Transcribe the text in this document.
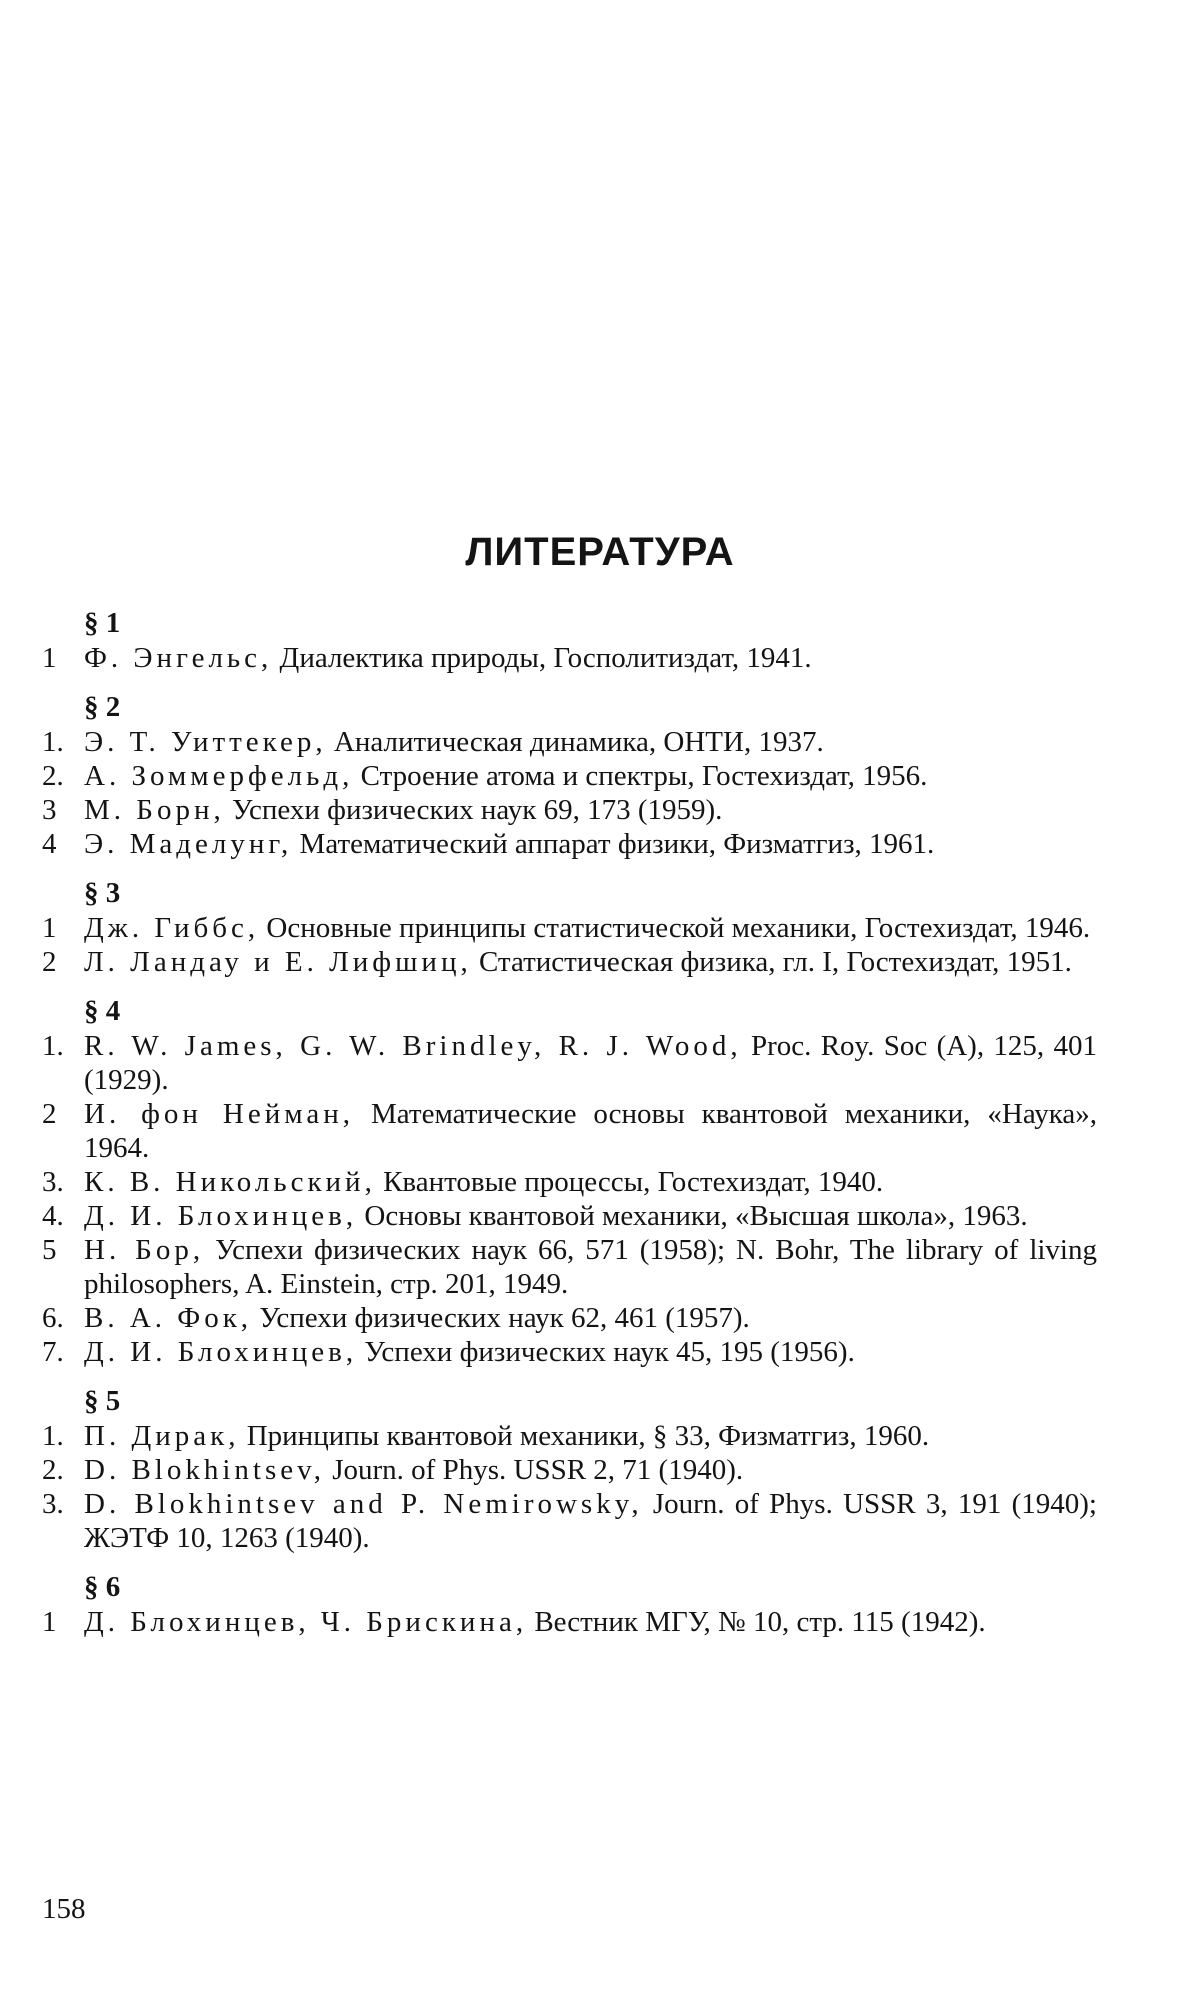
ЛИТЕРАТУРА
§ 1
1 Ф. Энгельс, Диалектика природы, Госполитиздат, 1941.
§ 2
1. Э. Т. Уиттекер, Аналитическая динамика, ОНТИ, 1937.
2. А. Зоммерфельд, Строение атома и спектры, Гостехиздат, 1956.
3 М. Борн, Успехи физических наук 69, 173 (1959).
4 Э. Маделунг, Математический аппарат физики, Физматгиз, 1961.
§ 3
1 Дж. Гиббс, Основные принципы статистической механики, Гостехиздат, 1946.
2 Л. Ландау и Е. Лифшиц, Статистическая физика, гл. I, Гостехиздат, 1951.
§ 4
1. R. W. James, G. W. Brindley, R. J. Wood, Proc. Roy. Soc (A), 125, 401 (1929).
2 И. фон Нейман, Математические основы квантовой механики, «Наука», 1964.
3. К. В. Никольский, Квантовые процессы, Гостехиздат, 1940.
4. Д. И. Блохинцев, Основы квантовой механики, «Высшая школа», 1963.
5 Н. Бор, Успехи физических наук 66, 571 (1958); N. Bohr, The library of living philosophers, A. Einstein, стр. 201, 1949.
6. В. А. Фок, Успехи физических наук 62, 461 (1957).
7. Д. И. Блохинцев, Успехи физических наук 45, 195 (1956).
§ 5
1. П. Дирак, Принципы квантовой механики, § 33, Физматгиз, 1960.
2. D. Blokhintsev, Journ. of Phys. USSR 2, 71 (1940).
3. D. Blokhintsev and P. Nemirowsky, Journ. of Phys. USSR 3, 191 (1940); ЖЭТФ 10, 1263 (1940).
§ 6
1 Д. Блохинцев, Ч. Брискина, Вестник МГУ, № 10, стр. 115 (1942).

158
